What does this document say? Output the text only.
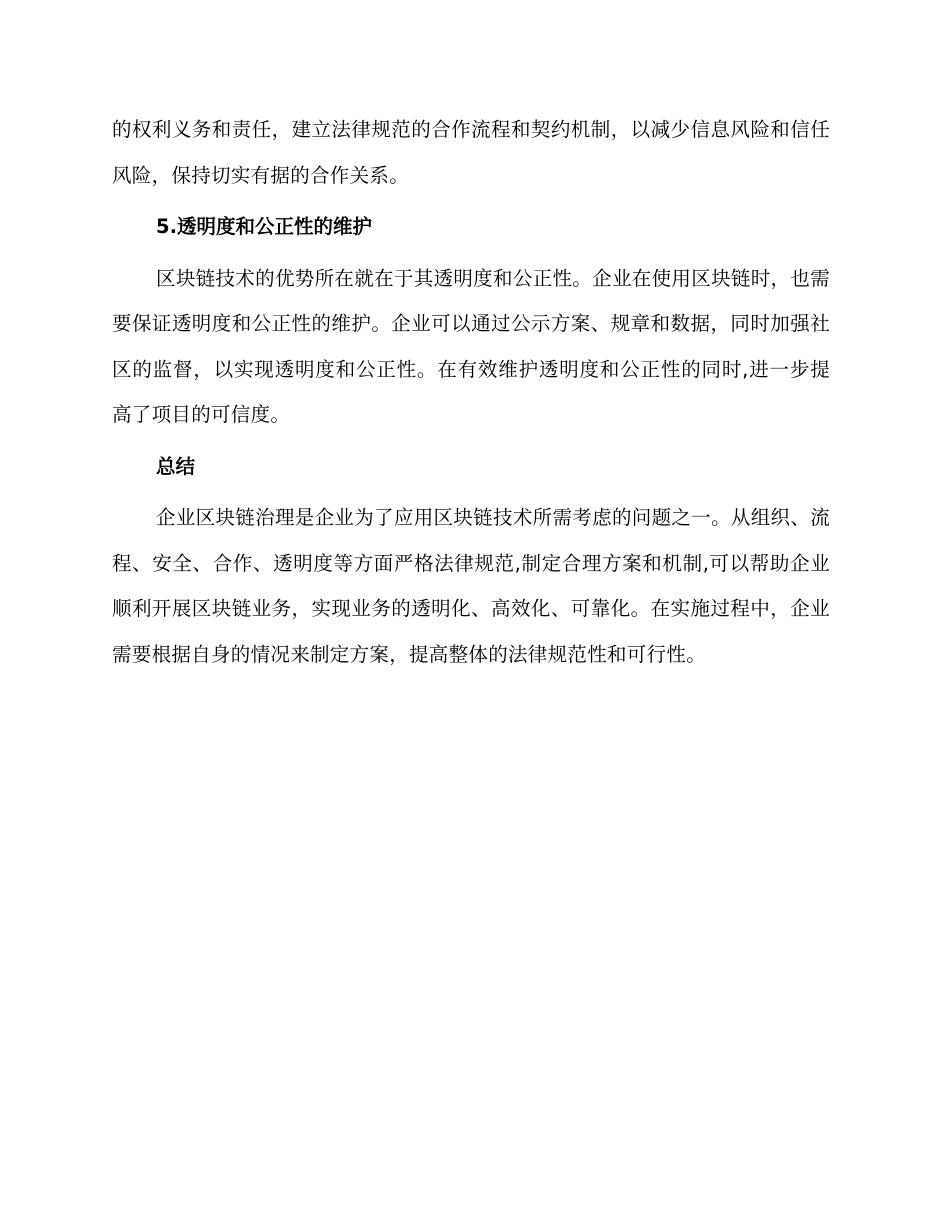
的权利义务和责任，建立法律规范的合作流程和契约机制，以减少信息风险和信任风险，保持切实有据的合作关系。

5.透明度和公正性的维护

区块链技术的优势所在就在于其透明度和公正性。企业在使用区块链时，也需要保证透明度和公正性的维护。企业可以通过公示方案、规章和数据，同时加强社区的监督，以实现透明度和公正性。在有效维护透明度和公正性的同时,进一步提高了项目的可信度。

总结

企业区块链治理是企业为了应用区块链技术所需考虑的问题之一。从组织、流程、安全、合作、透明度等方面严格法律规范,制定合理方案和机制,可以帮助企业顺利开展区块链业务，实现业务的透明化、高效化、可靠化。在实施过程中，企业需要根据自身的情况来制定方案，提高整体的法律规范性和可行性。
